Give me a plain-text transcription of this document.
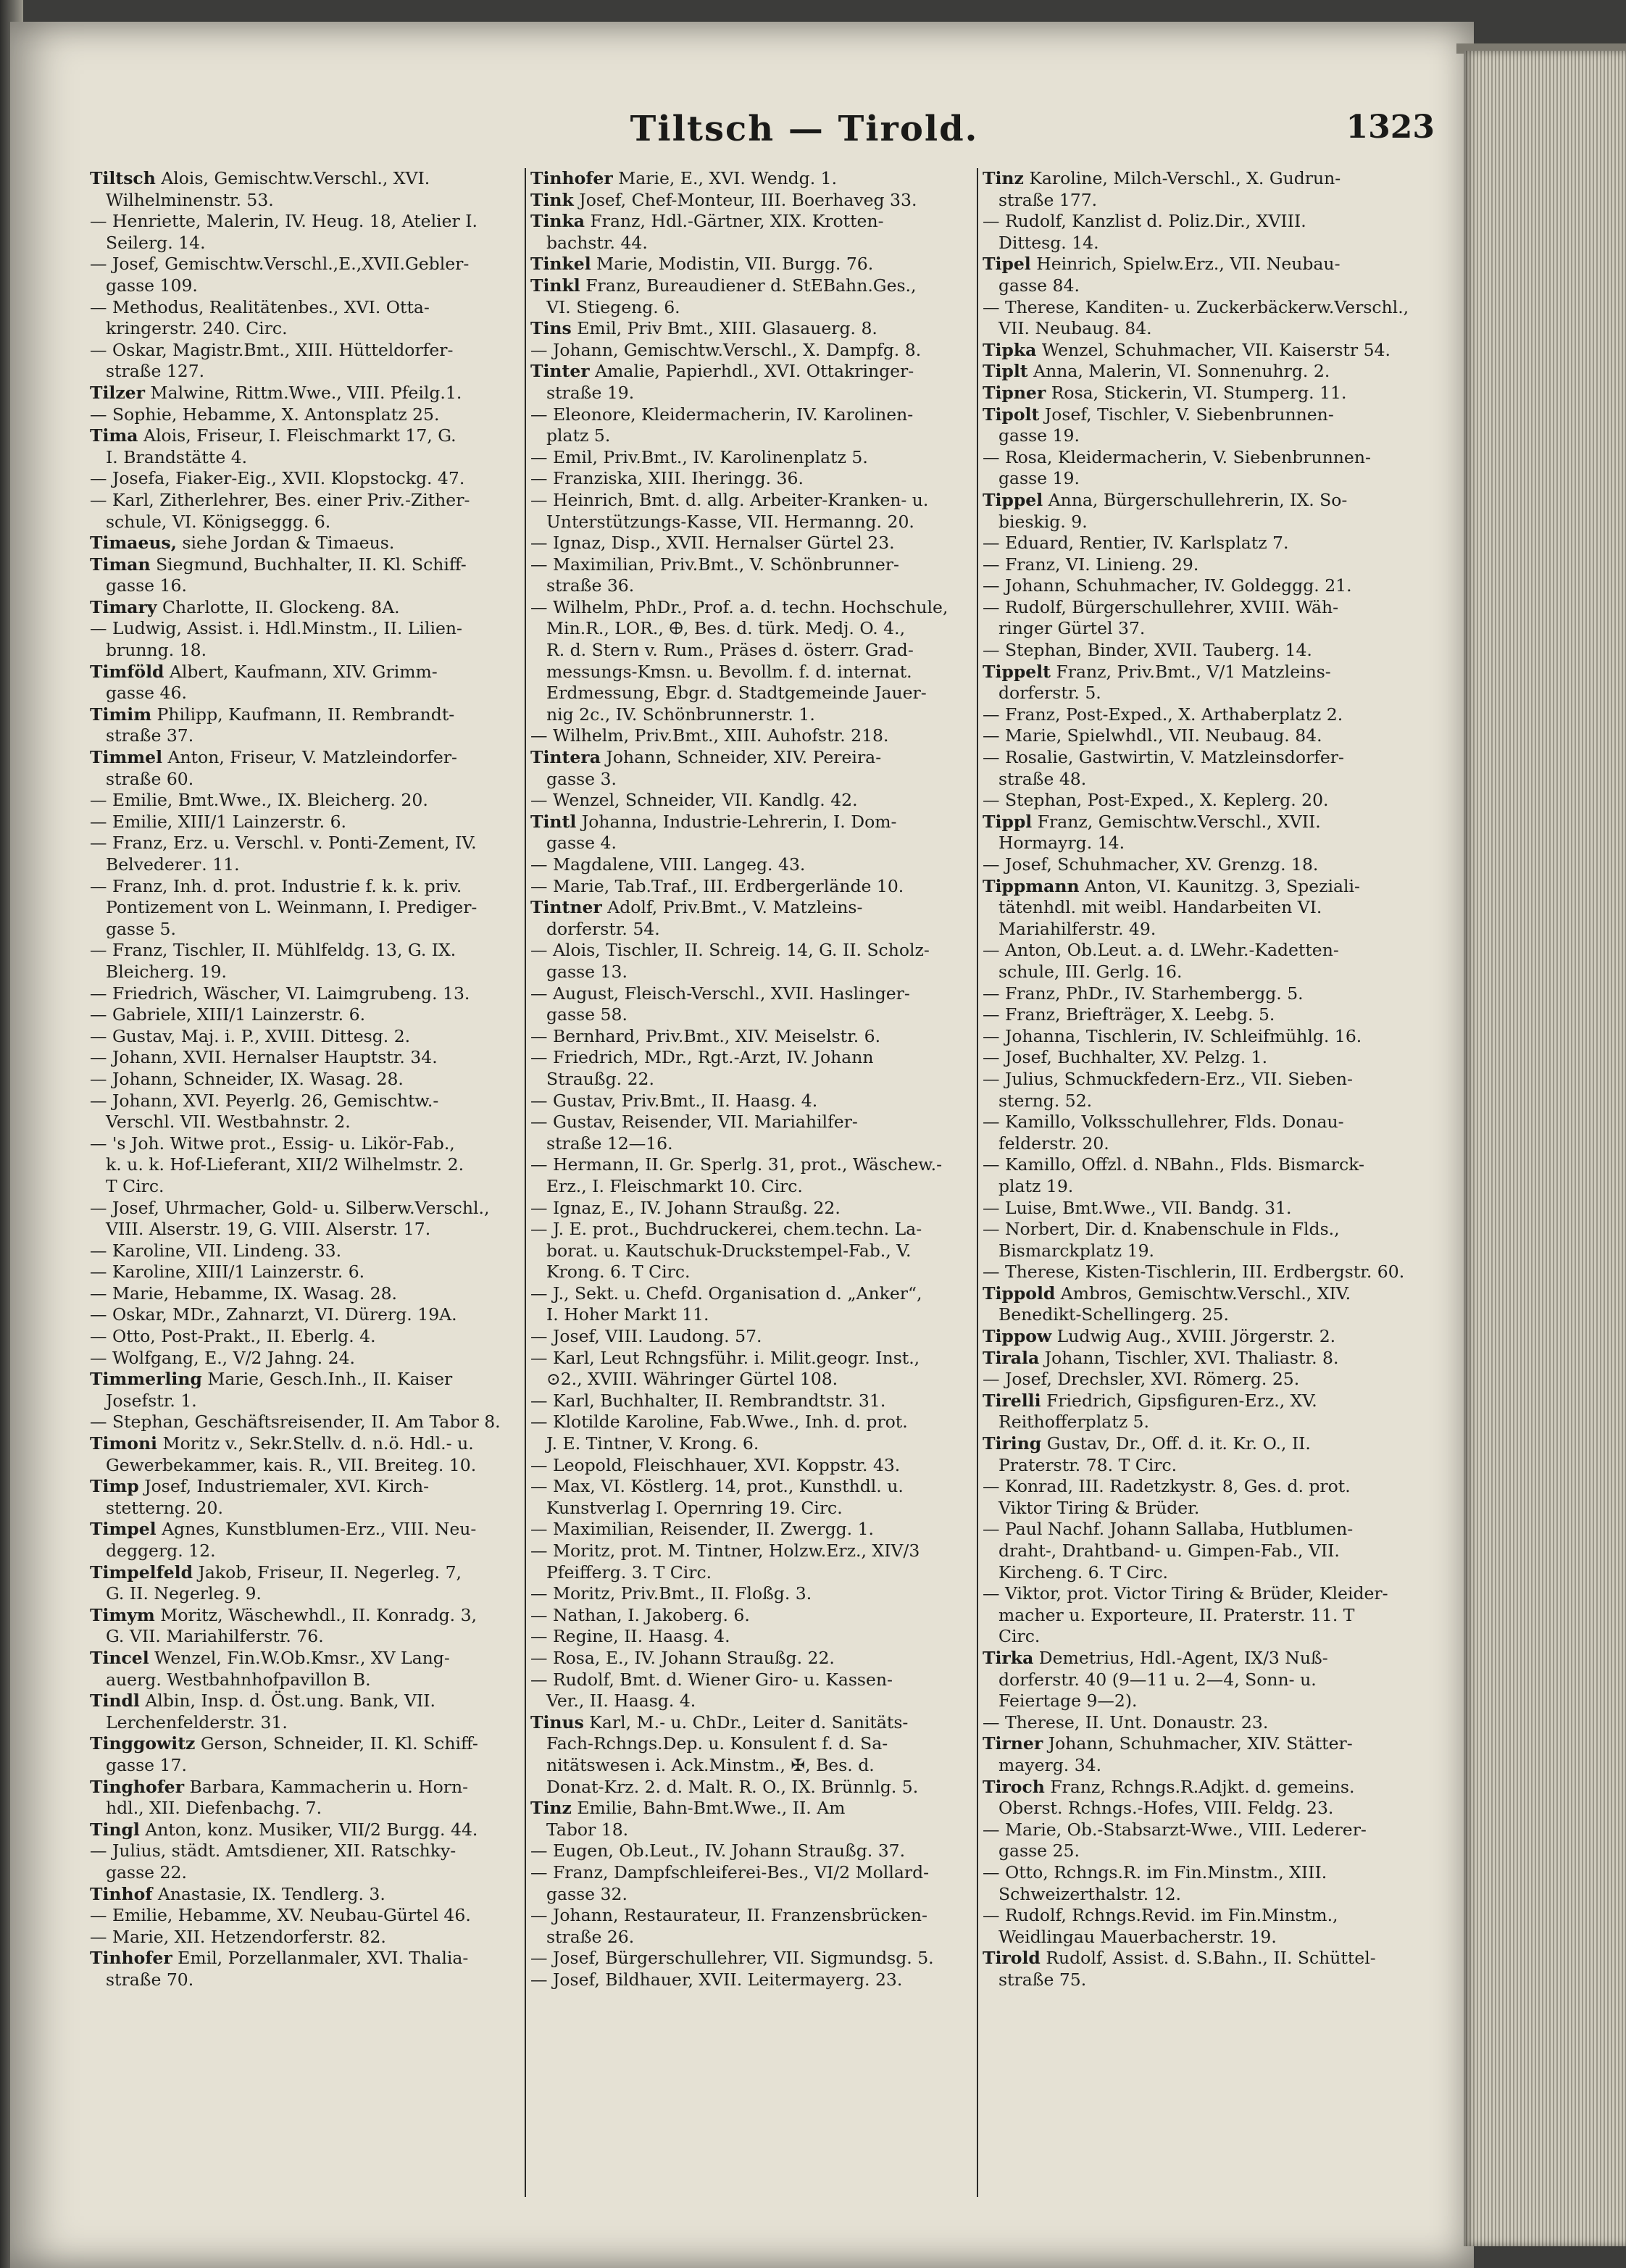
Tiltsch — Tirold.	1323
Tiltsch Alois, Gemischtw.Verschl., XVI.
Wilhelminenstr. 53.
— Henriette, Malerin, IV. Heug. 18, Atelier I.
Seilerg. 14.
— Josef, Gemischtw.Verschl.,E.,XVII.Gebler-
gasse 109.
— Methodus, Realitätenbes., XVI. Otta-
kringerstr. 240. Circ.
— Oskar, Magistr.Bmt., XIII. Hütteldorfer-
straße 127.
Tilzer Malwine, Rittm.Wwe., VIII. Pfeilg.1.
— Sophie, Hebamme, X. Antonsplatz 25.
Tima Alois, Friseur, I. Fleischmarkt 17, G.
I. Brandstätte 4.
— Josefa, Fiaker-Eig., XVII. Klopstockg. 47.
— Karl, Zitherlehrer, Bes. einer Priv.-Zither-
schule, VI. Königseggg. 6.
Timaeus, siehe Jordan & Timaeus.
Timan Siegmund, Buchhalter, II. Kl. Schiff-
gasse 16.
Timary Charlotte, II. Glockeng. 8A.
— Ludwig, Assist. i. Hdl.Minstm., II. Lilien-
brunng. 18.
Timföld Albert, Kaufmann, XIV. Grimm-
gasse 46.
Timim Philipp, Kaufmann, II. Rembrandt-
straße 37.
Timmel Anton, Friseur, V. Matzleindorfer-
straße 60.
— Emilie, Bmt.Wwe., IX. Bleicherg. 20.
— Emilie, XIII/1 Lainzerstr. 6.
— Franz, Erz. u. Verschl. v. Ponti-Zement, IV.
Belvederег. 11.
— Franz, Inh. d. prot. Industrie f. k. k. priv.
Pontizement von L. Weinmann, I. Prediger-
gasse 5.
— Franz, Tischler, II. Mühlfeldg. 13, G. IX.
Bleicherg. 19.
— Friedrich, Wäscher, VI. Laimgrubeng. 13.
— Gabriele, XIII/1 Lainzerstr. 6.
— Gustav, Maj. i. P., XVIII. Dittesg. 2.
— Johann, XVII. Hernalser Hauptstr. 34.
— Johann, Schneider, IX. Wasag. 28.
— Johann, XVI. Peyerlg. 26, Gemischtw.-
Verschl. VII. Westbahnstr. 2.
— 's Joh. Witwe prot., Essig- u. Likör-Fab.,
k. u. k. Hof-Lieferant, XII/2 Wilhelmstr. 2.
T Circ.
— Josef, Uhrmacher, Gold- u. Silberw.Verschl.,
VIII. Alserstr. 19, G. VIII. Alserstr. 17.
— Karoline, VII. Lindeng. 33.
— Karoline, XIII/1 Lainzerstr. 6.
— Marie, Hebamme, IX. Wasag. 28.
— Oskar, MDr., Zahnarzt, VI. Dürerg. 19A.
— Otto, Post-Prakt., II. Eberlg. 4.
— Wolfgang, E., V/2 Jahng. 24.
Timmerling Marie, Gesch.Inh., II. Kaiser
Josefstr. 1.
— Stephan, Geschäftsreisender, II. Am Tabor 8.
Timoni Moritz v., Sekr.Stellv. d. n.ö. Hdl.- u.
Gewerbekammer, kais. R., VII. Breiteg. 10.
Timp Josef, Industriemaler, XVI. Kirch-
stetterng. 20.
Timpel Agnes, Kunstblumen-Erz., VIII. Neu-
deggerg. 12.
Timpelfeld Jakob, Friseur, II. Negerleg. 7,
G. II. Negerleg. 9.
Timym Moritz, Wäschewhdl., II. Konradg. 3,
G. VII. Mariahilferstr. 76.
Tincel Wenzel, Fin.W.Ob.Kmsr., XV Lang-
auerg. Westbahnhofpavillon B.
Tindl Albin, Insp. d. Öst.ung. Bank, VII.
Lerchenfelderstr. 31.
Tinggowitz Gerson, Schneider, II. Kl. Schiff-
gasse 17.
Tinghofer Barbara, Kammacherin u. Horn-
hdl., XII. Diefenbachg. 7.
Tingl Anton, konz. Musiker, VII/2 Burgg. 44.
— Julius, städt. Amtsdiener, XII. Ratschky-
gasse 22.
Tinhof Anastasie, IX. Tendlerg. 3.
— Emilie, Hebamme, XV. Neubau-Gürtel 46.
— Marie, XII. Hetzendorferstr. 82.
Tinhofer Emil, Porzellanmaler, XVI. Thalia-
straße 70.
Tinhofer Marie, E., XVI. Wendg. 1.
Tink Josef, Chef-Monteur, III. Boerhaveg 33.
Tinka Franz, Hdl.-Gärtner, XIX. Krotten-
bachstr. 44.
Tinkel Marie, Modistin, VII. Burgg. 76.
Tinkl Franz, Bureaudiener d. StEBahn.Ges.,
VI. Stiegeng. 6.
Tins Emil, Priv Bmt., XIII. Glasauerg. 8.
— Johann, Gemischtw.Verschl., X. Dampfg. 8.
Tinter Amalie, Papierhdl., XVI. Ottakringer-
straße 19.
— Eleonore, Kleidermacherin, IV. Karolinen-
platz 5.
— Emil, Priv.Bmt., IV. Karolinenplatz 5.
— Franziska, XIII. Iheringg. 36.
— Heinrich, Bmt. d. allg. Arbeiter-Kranken- u.
Unterstützungs-Kasse, VII. Hermanng. 20.
— Ignaz, Disp., XVII. Hernalser Gürtel 23.
— Maximilian, Priv.Bmt., V. Schönbrunner-
straße 36.
— Wilhelm, PhDr., Prof. a. d. techn. Hochschule,
Min.R., LOR., 🜨, Bes. d. türk. Medj. O. 4.,
R. d. Stern v. Rum., Präses d. österr. Grad-
messungs-Kmsn. u. Bevollm. f. d. internat.
Erdmessung, Ebgr. d. Stadtgemeinde Jauer-
nig 2c., IV. Schönbrunnerstr. 1.
— Wilhelm, Priv.Bmt., XIII. Auhofstr. 218.
Tintera Johann, Schneider, XIV. Pereira-
gasse 3.
— Wenzel, Schneider, VII. Kandlg. 42.
Tintl Johanna, Industrie-Lehrerin, I. Dom-
gasse 4.
— Magdalene, VIII. Langeg. 43.
— Marie, Tab.Traf., III. Erdbergerlände 10.
Tintner Adolf, Priv.Bmt., V. Matzleins-
dorferstr. 54.
— Alois, Tischler, II. Schreig. 14, G. II. Scholz-
gasse 13.
— August, Fleisch-Verschl., XVII. Haslinger-
gasse 58.
— Bernhard, Priv.Bmt., XIV. Meiselstr. 6.
— Friedrich, MDr., Rgt.-Arzt, IV. Johann
Straußg. 22.
— Gustav, Priv.Bmt., II. Haasg. 4.
— Gustav, Reisender, VII. Mariahilfer-
straße 12—16.
— Hermann, II. Gr. Sperlg. 31, prot., Wäschew.-
Erz., I. Fleischmarkt 10. Circ.
— Ignaz, E., IV. Johann Straußg. 22.
— J. E. prot., Buchdruckerei, chem.techn. La-
borat. u. Kautschuk-Druckstempel-Fab., V.
Krong. 6. T Circ.
— J., Sekt. u. Chefd. Organisation d. „Anker“,
I. Hoher Markt 11.
— Josef, VIII. Laudong. 57.
— Karl, Leut Rchngsführ. i. Milit.geogr. Inst.,
⊙2., XVIII. Währinger Gürtel 108.
— Karl, Buchhalter, II. Rembrandtstr. 31.
— Klotilde Karoline, Fab.Wwe., Inh. d. prot.
J. E. Tintner, V. Krong. 6.
— Leopold, Fleischhauer, XVI. Koppstr. 43.
— Max, VI. Köstlerg. 14, prot., Kunsthdl. u.
Kunstverlag I. Opernring 19. Circ.
— Maximilian, Reisender, II. Zwergg. 1.
— Moritz, prot. M. Tintner, Holzw.Erz., XIV/3
Pfeifferg. 3. T Circ.
— Moritz, Priv.Bmt., II. Floßg. 3.
— Nathan, I. Jakoberg. 6.
— Regine, II. Haasg. 4.
— Rosa, E., IV. Johann Straußg. 22.
— Rudolf, Bmt. d. Wiener Giro- u. Kassen-
Ver., II. Haasg. 4.
Tinus Karl, M.- u. ChDr., Leiter d. Sanitäts-
Fach-Rchngs.Dep. u. Konsulent f. d. Sa-
nitätswesen i. Ack.Minstm., ✠, Bes. d.
Donat-Krz. 2. d. Malt. R. O., IX. Brünnlg. 5.
Tinz Emilie, Bahn-Bmt.Wwe., II. Am
Tabor 18.
— Eugen, Ob.Leut., IV. Johann Straußg. 37.
— Franz, Dampfschleiferei-Bes., VI/2 Mollard-
gasse 32.
— Johann, Restaurateur, II. Franzensbrücken-
straße 26.
— Josef, Bürgerschullehrer, VII. Sigmundsg. 5.
— Josef, Bildhauer, XVII. Leitermayerg. 23.
Tinz Karoline, Milch-Verschl., X. Gudrun-
straße 177.
— Rudolf, Kanzlist d. Poliz.Dir., XVIII.
Dittesg. 14.
Tipel Heinrich, Spielw.Erz., VII. Neubau-
gasse 84.
— Therese, Kanditen- u. Zuckerbäckerw.Verschl.,
VII. Neubaug. 84.
Tipka Wenzel, Schuhmacher, VII. Kaiserstr 54.
Tiplt Anna, Malerin, VI. Sonnenuhrg. 2.
Tipner Rosa, Stickerin, VI. Stumperg. 11.
Tipolt Josef, Tischler, V. Siebenbrunnen-
gasse 19.
— Rosa, Kleidermacherin, V. Siebenbrunnen-
gasse 19.
Tippel Anna, Bürgerschullehrerin, IX. So-
bieskig. 9.
— Eduard, Rentier, IV. Karlsplatz 7.
— Franz, VI. Linieng. 29.
— Johann, Schuhmacher, IV. Goldeggg. 21.
— Rudolf, Bürgerschullehrer, XVIII. Wäh-
ringer Gürtel 37.
— Stephan, Binder, XVII. Tauberg. 14.
Tippelt Franz, Priv.Bmt., V/1 Matzleins-
dorferstr. 5.
— Franz, Post-Exped., X. Arthaberplatz 2.
— Marie, Spielwhdl., VII. Neubaug. 84.
— Rosalie, Gastwirtin, V. Matzleinsdorfer-
straße 48.
— Stephan, Post-Exped., X. Keplerg. 20.
Tippl Franz, Gemischtw.Verschl., XVII.
Hormayrg. 14.
— Josef, Schuhmacher, XV. Grenzg. 18.
Tippmann Anton, VI. Kaunitzg. 3, Speziali-
tätenhdl. mit weibl. Handarbeiten VI.
Mariahilferstr. 49.
— Anton, Ob.Leut. a. d. LWehr.-Kadetten-
schule, III. Gerlg. 16.
— Franz, PhDr., IV. Starhembergg. 5.
— Franz, Briefträger, X. Leebg. 5.
— Johanna, Tischlerin, IV. Schleifmühlg. 16.
— Josef, Buchhalter, XV. Pelzg. 1.
— Julius, Schmuckfedern-Erz., VII. Sieben-
sterng. 52.
— Kamillo, Volksschullehrer, Flds. Donau-
felderstr. 20.
— Kamillo, Offzl. d. NBahn., Flds. Bismarck-
platz 19.
— Luise, Bmt.Wwe., VII. Bandg. 31.
— Norbert, Dir. d. Knabenschule in Flds.,
Bismarckplatz 19.
— Therese, Kisten-Tischlerin, III. Erdbergstr. 60.
Tippold Ambros, Gemischtw.Verschl., XIV.
Benedikt-Schellingerg. 25.
Tippow Ludwig Aug., XVIII. Jörgerstr. 2.
Tirala Johann, Tischler, XVI. Thaliastr. 8.
— Josef, Drechsler, XVI. Römerg. 25.
Tirelli Friedrich, Gipsfiguren-Erz., XV.
Reithofferplatz 5.
Tiring Gustav, Dr., Off. d. it. Kr. O., II.
Praterstr. 78. T Circ.
— Konrad, III. Radetzkystr. 8, Ges. d. prot.
Viktor Tiring & Brüder.
— Paul Nachf. Johann Sallaba, Hutblumen-
draht-, Drahtband- u. Gimpen-Fab., VII.
Kircheng. 6. T Circ.
— Viktor, prot. Victor Tiring & Brüder, Kleider-
macher u. Exporteure, II. Praterstr. 11. T
Circ.
Tirka Demetrius, Hdl.-Agent, IX/3 Nuß-
dorferstr. 40 (9—11 u. 2—4, Sonn- u.
Feiertage 9—2).
— Therese, II. Unt. Donaustr. 23.
Tirner Johann, Schuhmacher, XIV. Stätter-
mayerg. 34.
Tiroch Franz, Rchngs.R.Adjkt. d. gemeins.
Oberst. Rchngs.-Hofes, VIII. Feldg. 23.
— Marie, Ob.-Stabsarzt-Wwe., VIII. Lederer-
gasse 25.
— Otto, Rchngs.R. im Fin.Minstm., XIII.
Schweizerthalstr. 12.
— Rudolf, Rchngs.Revid. im Fin.Minstm.,
Weidlingau Mauerbacherstr. 19.
Tirold Rudolf, Assist. d. S.Bahn., II. Schüttel-
straße 75.
